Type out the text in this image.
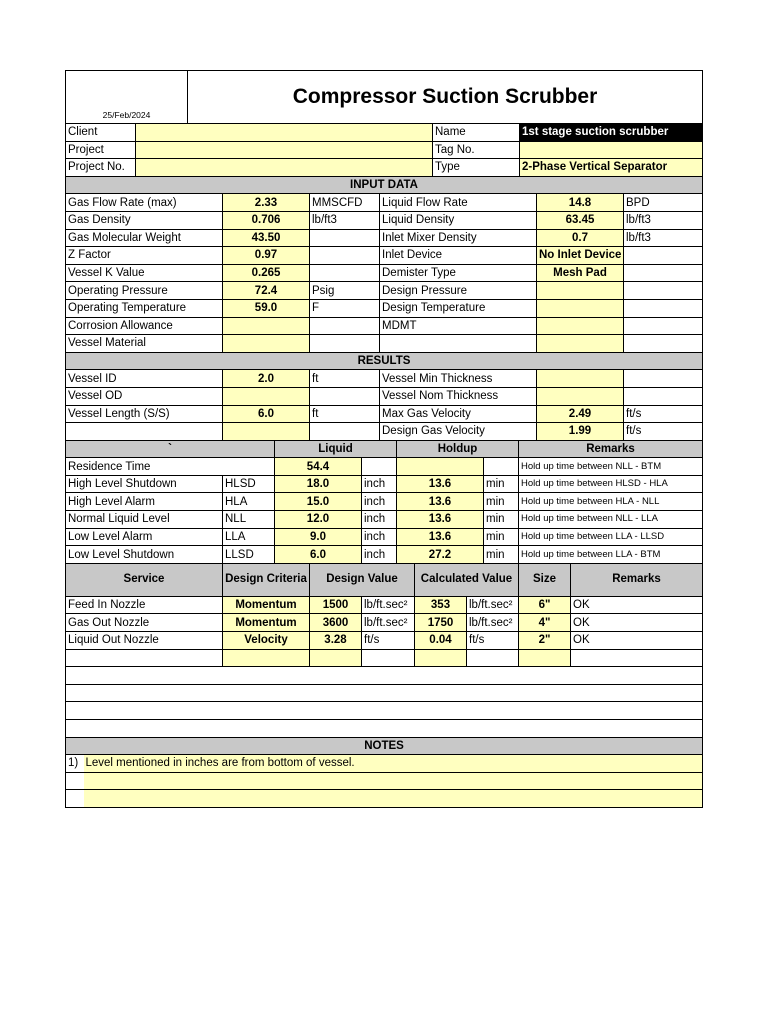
25/Feb/2024	Compressor Suction Scrubber
Client		Name	1st stage suction scrubber
Project		Tag No.	
Project No.		Type	2-Phase Vertical Separator
INPUT DATA					
Gas Flow Rate (max)	2.33	MMSCFD	Liquid Flow Rate	14.8	BPD
Gas Density	0.706	lb/ft3	Liquid Density	63.45	lb/ft3
Gas Molecular Weight	43.50		Inlet Mixer Density	0.7	lb/ft3
Z Factor	0.97		Inlet Device	No Inlet Device	
Vessel K Value	0.265		Demister Type	Mesh Pad	
Operating Pressure	72.4	Psig	Design Pressure		
Operating Temperature	59.0	F	Design Temperature		
Corrosion Allowance			MDMT		
Vessel Material					
RESULTS					
Vessel ID	2.0	ft	Vessel Min Thickness		
Vessel OD			Vessel Nom Thickness		
Vessel Length (S/S)	6.0	ft	Max Gas Velocity	2.49	ft/s
			Design Gas Velocity	1.99	ft/s
`		Liquid		Holdup		Remarks
Residence Time		54.4				Hold up time between NLL - BTM
High Level Shutdown	HLSD	18.0	inch	13.6	min	Hold up time between HLSD - HLA
High Level Alarm	HLA	15.0	inch	13.6	min	Hold up time between HLA - NLL
Normal Liquid Level	NLL	12.0	inch	13.6	min	Hold up time between NLL - LLA
Low Level Alarm	LLA	9.0	inch	13.6	min	Hold up time between LLA - LLSD
Low Level Shutdown	LLSD	6.0	inch	27.2	min	Hold up time between LLA - BTM
Service	Design Criteria	Design Value		Calculated Value		Size	Remarks
Feed In Nozzle	Momentum	1500	lb/ft.sec²	353	lb/ft.sec²	6"	OK
Gas Out Nozzle	Momentum	3600	lb/ft.sec²	1750	lb/ft.sec²	4"	OK
Liquid Out Nozzle	Velocity	3.28	ft/s	0.04	ft/s	2"	OK

NOTES	
1)	Level mentioned in inches are from bottom of vessel.
